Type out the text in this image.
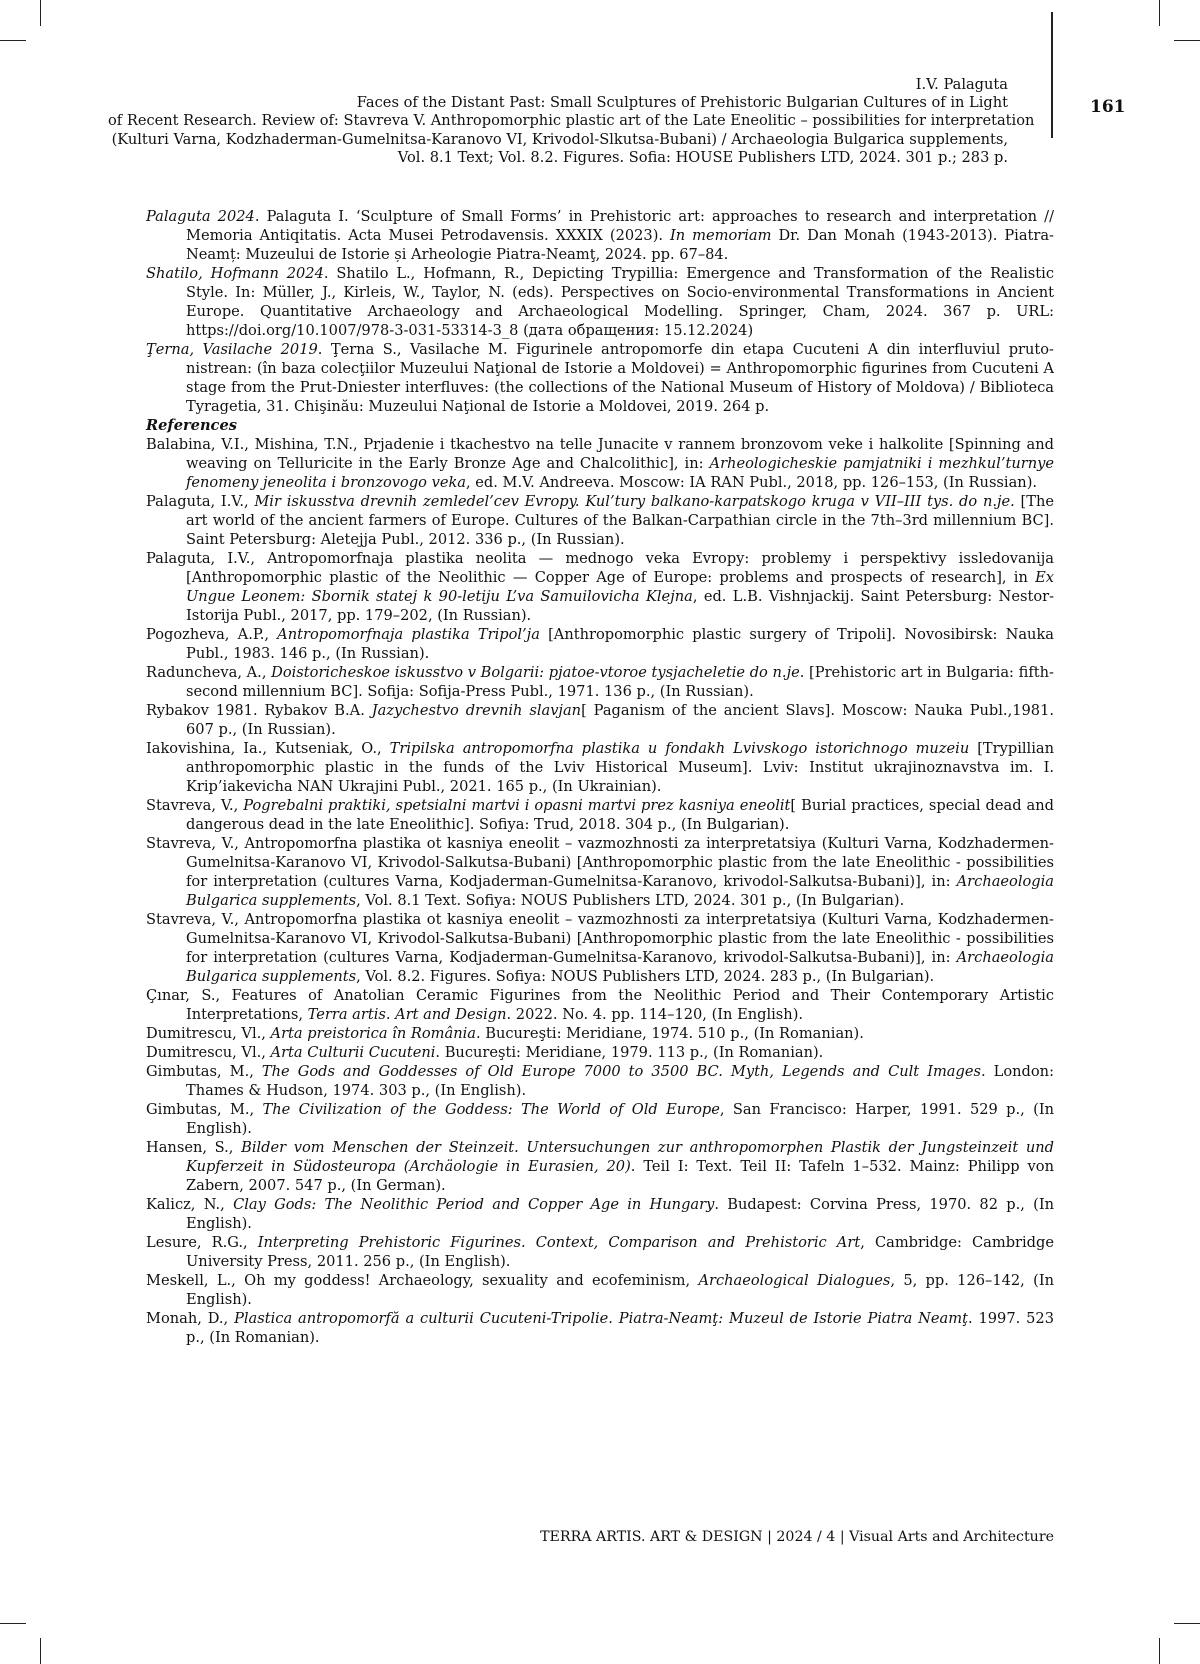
I.V. Palaguta
Faces of the Distant Past: Small Sculptures of Prehistoric Bulgarian Cultures of in Light
of Recent Research. Review of: Stavreva V. Anthropomorphic plastic art of the Late Eneolitic – possibilities for interpretation
(Kulturi Varna, Kodzhaderman-Gumelnitsa-Karanovo VI, Krivodol-Slkutsa-Bubani) / Archaeologia Bulgarica supplements,
Vol. 8.1 Text; Vol. 8.2. Figures. Sofia: HOUSE Publishers LTD, 2024. 301 p.; 283 p.
161

Palaguta 2024. Palaguta I. ‘Sculpture of Small Forms’ in Prehistoric art: approaches to research and interpretation // Memoria Antiqitatis. Acta Musei Petrodavensis. XXXIX (2023). In memoriam Dr. Dan Monah (1943-2013). Piatra-Neamț: Muzeului de Istorie și Arheologie Piatra-Neamţ, 2024. pp. 67–84.

Shatilo, Hofmann 2024. Shatilo L., Hofmann, R., Depicting Trypillia: Emergence and Transformation of the Realistic Style. In: Müller, J., Kirleis, W., Taylor, N. (eds). Perspectives on Socio-environmental Transformations in Ancient Europe. Quantitative Archaeology and Archaeological Modelling. Springer, Cham, 2024. 367 p. URL: https://doi.org/10.1007/978-3-031-53314-3_8 (дата обращения: 15.12.2024)

Ţerna, Vasilache 2019. Ţerna S., Vasilache M. Figurinele antropomorfe din etapa Cucuteni A din interfluviul pruto-nistrean: (în baza colecţiilor Muzeului Naţional de Istorie a Moldovei) = Anthropomorphic figurines from Cucuteni A stage from the Prut-Dniester interfluves: (the collections of the National Museum of History of Moldova) / Biblioteca Tyragetia, 31. Chişinău: Muzeului Naţional de Istorie a Moldovei, 2019. 264 p.

References

Balabina, V.I., Mishina, T.N., Prjadenie i tkachestvo na telle Junacite v rannem bronzovom veke i halkolite [Spinning and weaving on Telluricite in the Early Bronze Age and Chalcolithic], in: Arheologicheskie pamjatniki i mezhkul’turnye fenomeny jeneolita i bronzovogo veka, ed. M.V. Andreeva. Moscow: IA RAN Publ., 2018, pp. 126–153, (In Russian).

Palaguta, I.V., Mir iskusstva drevnih zemledel’cev Evropy. Kul’tury balkano-karpatskogo kruga v VII–III tys. do n.je. [The art world of the ancient farmers of Europe. Cultures of the Balkan-Carpathian circle in the 7th–3rd millennium BC]. Saint Petersburg: Aletejja Publ., 2012. 336 p., (In Russian).

Palaguta, I.V., Antropomorfnaja plastika neolita — mednogo veka Evropy: problemy i perspektivy issledovanija [Anthropomorphic plastic of the Neolithic — Copper Age of Europe: problems and prospects of research], in Ex Ungue Leonem: Sbornik statej k 90-letiju L’va Samuilovicha Klejna, ed. L.B. Vishnjackij. Saint Petersburg: Nestor-Istorija Publ., 2017, pp. 179–202, (In Russian).

Pogozheva, A.P., Antropomorfnaja plastika Tripol’ja [Anthropomorphic plastic surgery of Tripoli]. Novosibirsk: Nauka Publ., 1983. 146 p., (In Russian).

Raduncheva, A., Doistoricheskoe iskusstvo v Bolgarii: pjatoe-vtoroe tysjacheletie do n.je. [Prehistoric art in Bulgaria: fifth-second millennium BC]. Sofija: Sofija-Press Publ., 1971. 136 p., (In Russian).

Rybakov 1981. Rybakov B.A. Jazychestvo drevnih slavjan[ Paganism of the ancient Slavs]. Moscow: Nauka Publ.,1981. 607 p., (In Russian).

Iakovishina, Ia., Kutseniak, O., Tripilska antropomorfna plastika u fondakh Lvivskogo istorichnogo muzeiu [Trypillian anthropomorphic plastic in the funds of the Lviv Historical Museum]. Lviv: Institut ukrajinoznavstva im. I. Krip’iakevicha NAN Ukrajini Publ., 2021. 165 p., (In Ukrainian).

Stavreva, V., Pogrebalni praktiki, spetsialni martvi i opasni martvi prez kasniya eneolit[ Burial practices, special dead and dangerous dead in the late Eneolithic]. Sofiya: Trud, 2018. 304 p., (In Bulgarian).

Stavreva, V., Antropomorfna plastika ot kasniya eneolit – vazmozhnosti za interpretatsiya (Kulturi Varna, Kodzhadermen-Gumelnitsa-Karanovo VI, Krivodol-Salkutsa-Bubani) [Anthropomorphic plastic from the late Eneolithic - possibilities for interpretation (cultures Varna, Kodjaderman-Gumelnitsa-Karanovo, krivodol-Salkutsa-Bubani)], in: Archaeologia Bulgarica supplements, Vol. 8.1 Text. Sofiya: NOUS Publishers LTD, 2024. 301 p., (In Bulgarian).

Stavreva, V., Antropomorfna plastika ot kasniya eneolit – vazmozhnosti za interpretatsiya (Kulturi Varna, Kodzhadermen-Gumelnitsa-Karanovo VI, Krivodol-Salkutsa-Bubani) [Anthropomorphic plastic from the late Eneolithic - possibilities for interpretation (cultures Varna, Kodjaderman-Gumelnitsa-Karanovo, krivodol-Salkutsa-Bubani)], in: Archaeologia Bulgarica supplements, Vol. 8.2. Figures. Sofiya: NOUS Publishers LTD, 2024. 283 p., (In Bulgarian).

Çınar, S., Features of Anatolian Ceramic Figurines from the Neolithic Period and Their Contemporary Artistic Interpretations, Terra artis. Art and Design. 2022. No. 4. pp. 114–120, (In English).

Dumitrescu, Vl., Arta preistorica în România. Bucureşti: Meridiane, 1974. 510 p., (In Romanian).

Dumitrescu, Vl., Arta Culturii Cucuteni. Bucureşti: Meridiane, 1979. 113 p., (In Romanian).

Gimbutas, M., The Gods and Goddesses of Old Europe 7000 to 3500 BC. Myth, Legends and Cult Images. London: Thames & Hudson, 1974. 303 p., (In English).

Gimbutas, M., The Civilization of the Goddess: The World of Old Europe, San Francisco: Harper, 1991. 529 p., (In English).

Hansen, S., Bilder vom Menschen der Steinzeit. Untersuchungen zur anthropomorphen Plastik der Jungsteinzeit und Kupferzeit in Südosteuropa (Archäologie in Eurasien, 20). Teil I: Text. Teil II: Tafeln 1–532. Mainz: Philipp von Zabern, 2007. 547 p., (In German).

Kalicz, N., Clay Gods: The Neolithic Period and Copper Age in Hungary. Budapest: Corvina Press, 1970. 82 p., (In English).

Lesure, R.G., Interpreting Prehistoric Figurines. Context, Comparison and Prehistoric Art, Cambridge: Cambridge University Press, 2011. 256 p., (In English).

Meskell, L., Oh my goddess! Archaeology, sexuality and ecofeminism, Archaeological Dialogues, 5, pp. 126–142, (In English).

Monah, D., Plastica antropomorfă a culturii Cucuteni-Tripolie. Piatra-Neamţ: Muzeul de Istorie Piatra Neamţ. 1997. 523 p., (In Romanian).

TERRA ARTIS. ART & DESIGN | 2024 / 4 | Visual Arts and Architecture
